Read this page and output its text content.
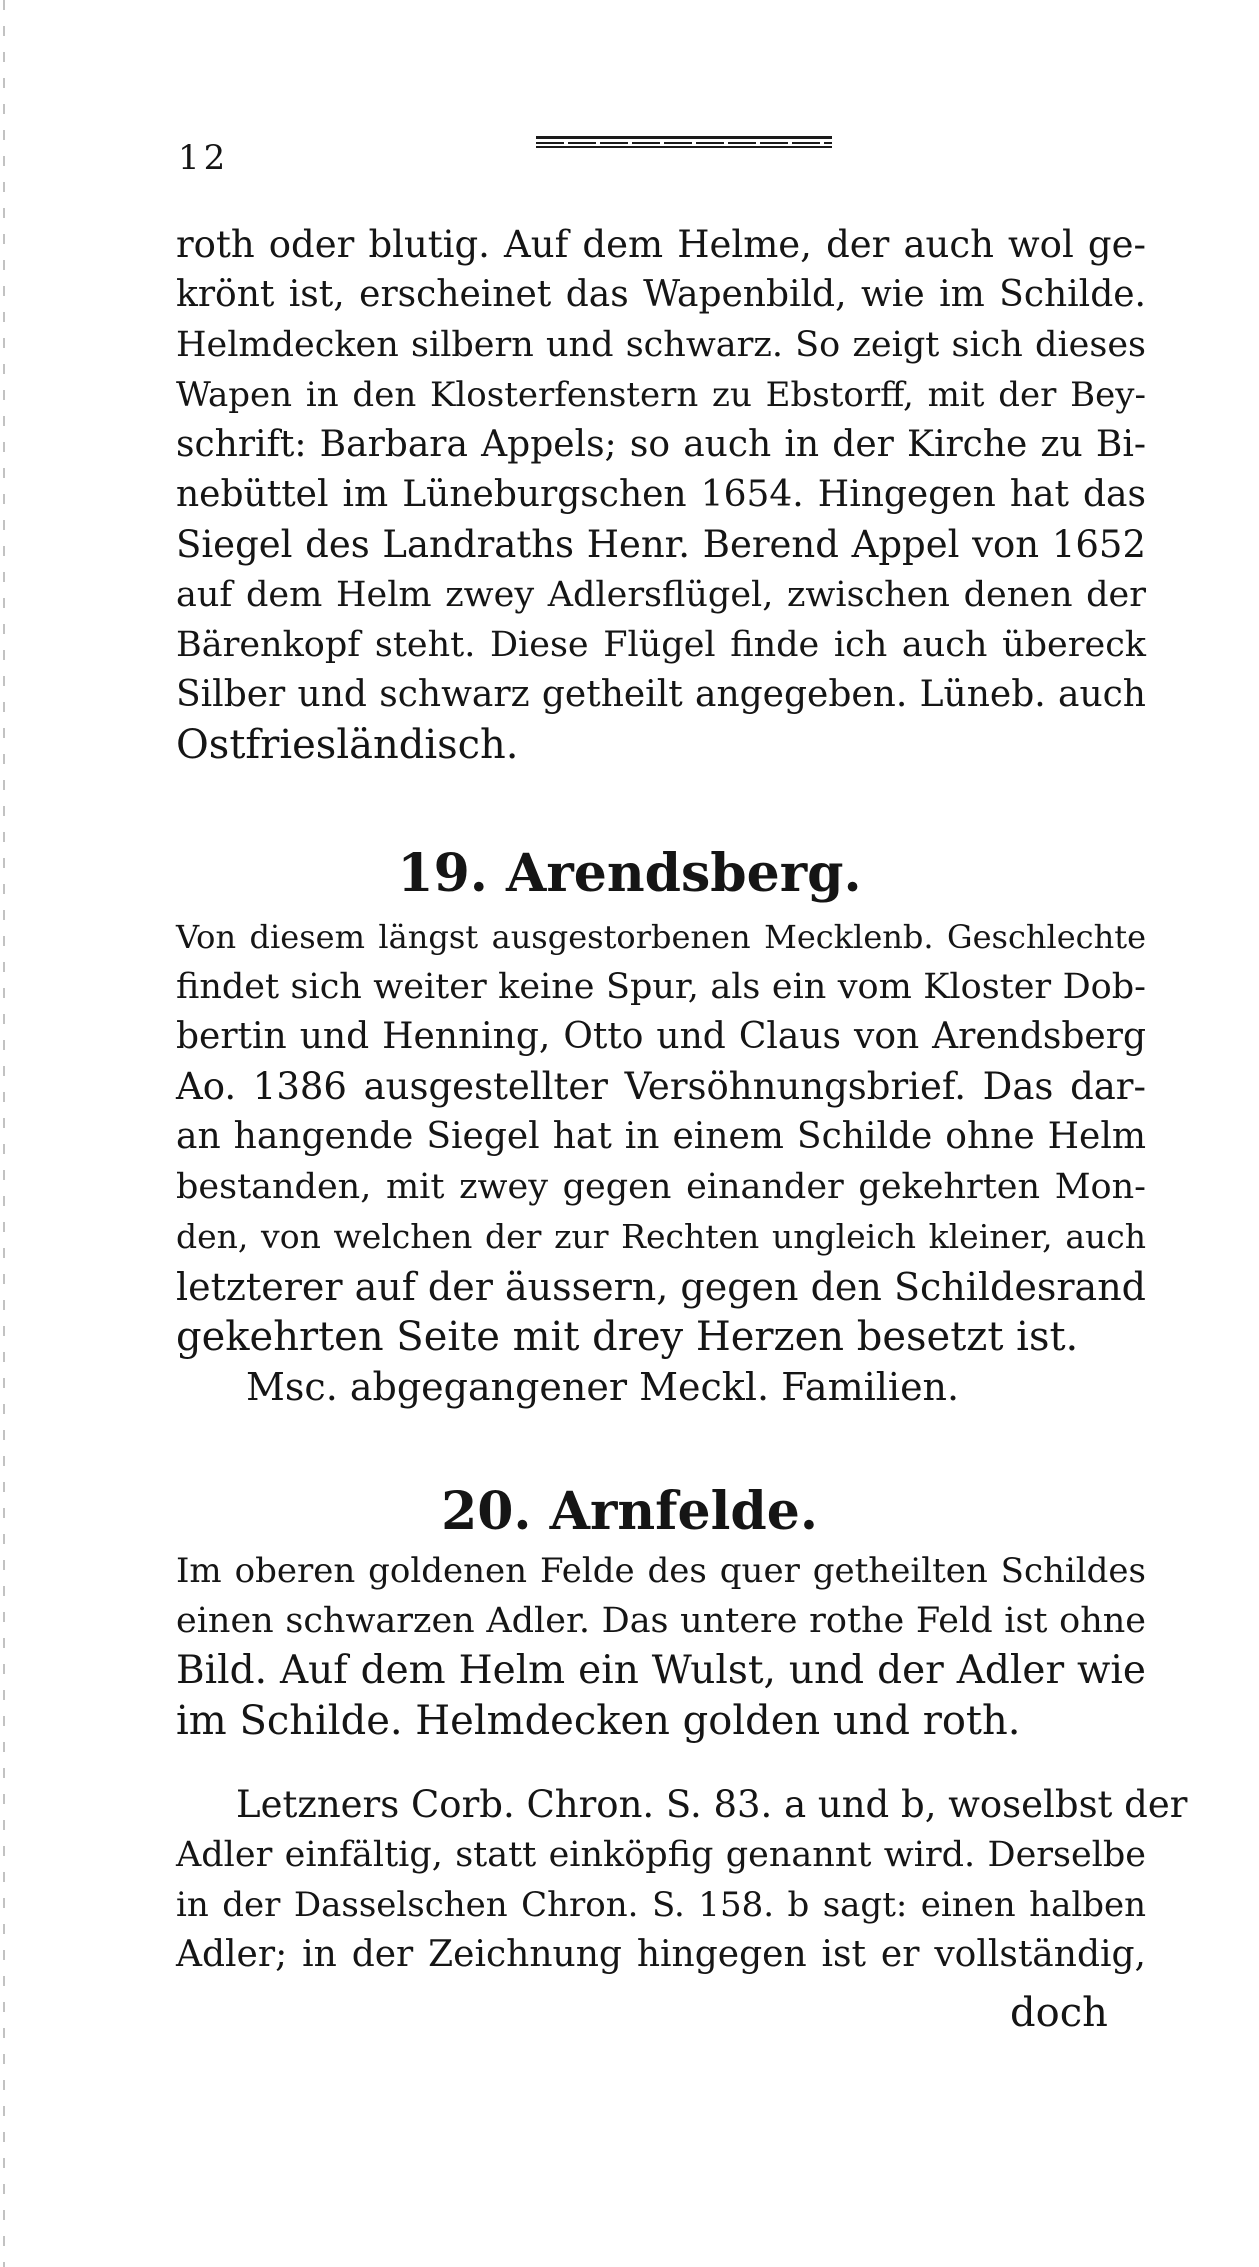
12
roth oder blutig. Auf dem Helme, der auch wol ge-
krönt ist, erscheinet das Wapenbild, wie im Schilde.
Helmdecken silbern und schwarz. So zeigt sich dieses
Wapen in den Klosterfenstern zu Ebstorff, mit der Bey-
schrift: Barbara Appels; so auch in der Kirche zu Bi-
nebüttel im Lüneburgschen 1654. Hingegen hat das
Siegel des Landraths Henr. Berend Appel von 1652
auf dem Helm zwey Adlersflügel, zwischen denen der
Bärenkopf steht. Diese Flügel finde ich auch übereck
Silber und schwarz getheilt angegeben. Lüneb. auch
Ostfriesländisch.
19. Arendsberg.
Von diesem längst ausgestorbenen Mecklenb. Geschlechte
findet sich weiter keine Spur, als ein vom Kloster Dob-
bertin und Henning, Otto und Claus von Arendsberg
Ao. 1386 ausgestellter Versöhnungsbrief. Das dar-
an hangende Siegel hat in einem Schilde ohne Helm
bestanden, mit zwey gegen einander gekehrten Mon-
den, von welchen der zur Rechten ungleich kleiner, auch
letzterer auf der äussern, gegen den Schildesrand
gekehrten Seite mit drey Herzen besetzt ist.
Msc. abgegangener Meckl. Familien.
20. Arnfelde.
Im oberen goldenen Felde des quer getheilten Schildes
einen schwarzen Adler. Das untere rothe Feld ist ohne
Bild. Auf dem Helm ein Wulst, und der Adler wie
im Schilde. Helmdecken golden und roth.
Letzners Corb. Chron. S. 83. a und b, woselbst der
Adler einfältig, statt einköpfig genannt wird. Derselbe
in der Dasselschen Chron. S. 158. b sagt: einen halben
Adler; in der Zeichnung hingegen ist er vollständig,
doch
